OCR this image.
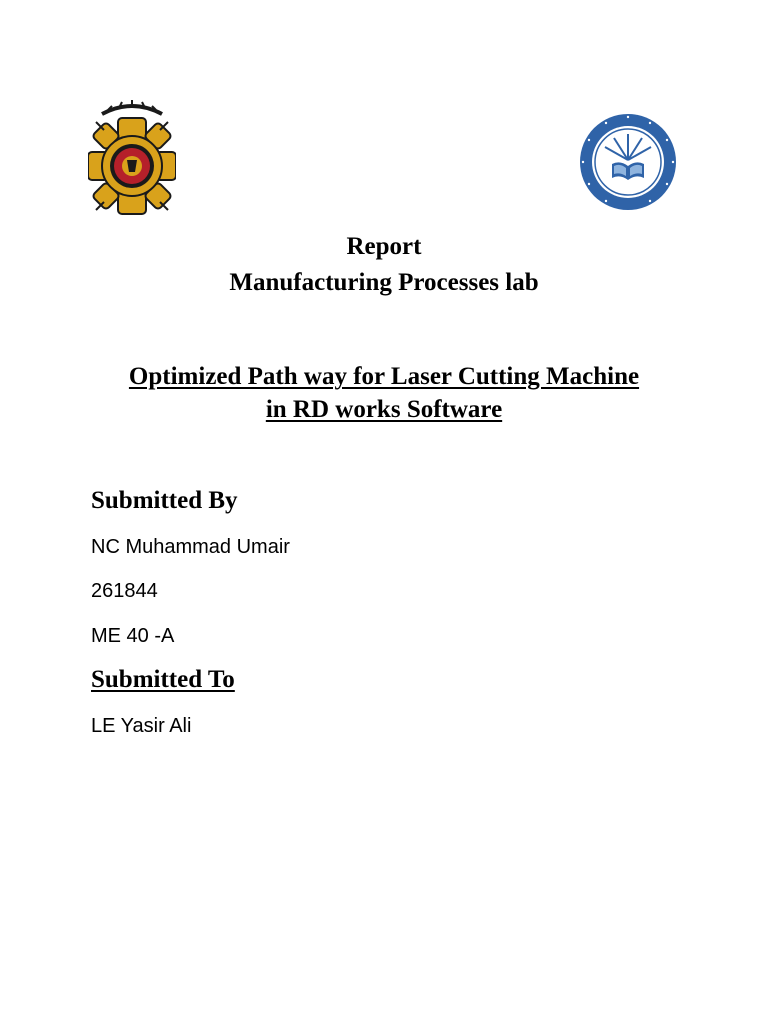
Report
Manufacturing Processes lab
Optimized Path way for Laser Cutting Machine
in RD works Software
Submitted By
NC Muhammad Umair
261844
ME 40 -A
Submitted To
LE Yasir Ali
